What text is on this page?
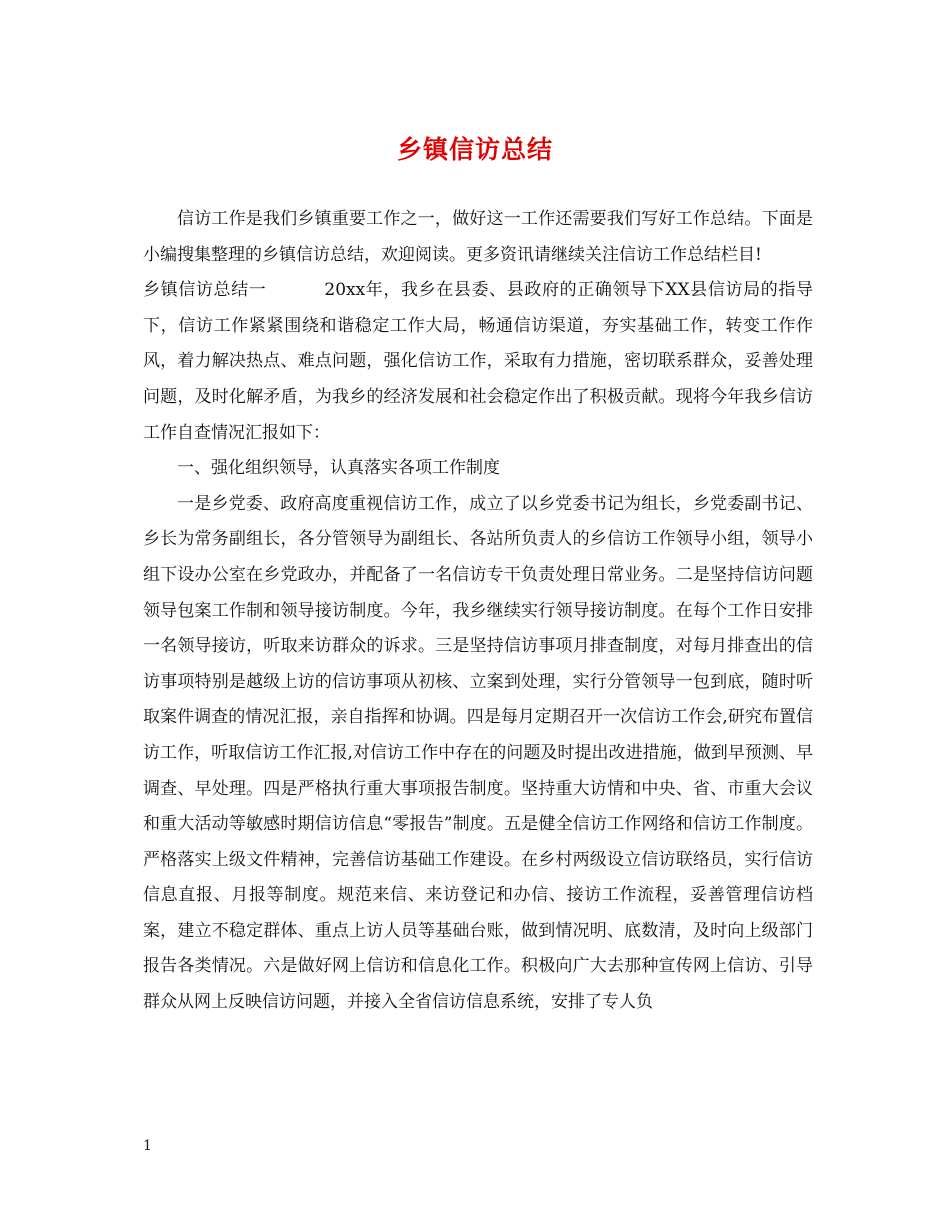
乡镇信访总结

信访工作是我们乡镇重要工作之一，做好这一工作还需要我们写好工作总结。下面是小编搜集整理的乡镇信访总结，欢迎阅读。更多资讯请继续关注信访工作总结栏目!

乡镇信访总结一	20xx年，我乡在县委、县政府的正确领导下XX县信访局的指导下，信访工作紧紧围绕和谐稳定工作大局，畅通信访渠道，夯实基础工作，转变工作作风，着力解决热点、难点问题，强化信访工作，采取有力措施，密切联系群众，妥善处理问题，及时化解矛盾，为我乡的经济发展和社会稳定作出了积极贡献。现将今年我乡信访工作自查情况汇报如下：

一、强化组织领导，认真落实各项工作制度

一是乡党委、政府高度重视信访工作，成立了以乡党委书记为组长，乡党委副书记、乡长为常务副组长，各分管领导为副组长、各站所负责人的乡信访工作领导小组，领导小组下设办公室在乡党政办，并配备了一名信访专干负责处理日常业务。二是坚持信访问题领导包案工作制和领导接访制度。今年，我乡继续实行领导接访制度。在每个工作日安排一名领导接访，听取来访群众的诉求。三是坚持信访事项月排查制度，对每月排查出的信访事项特别是越级上访的信访事项从初核、立案到处理，实行分管领导一包到底，随时听取案件调查的情况汇报，亲自指挥和协调。四是每月定期召开一次信访工作会,研究布置信访工作，听取信访工作汇报,对信访工作中存在的问题及时提出改进措施，做到早预测、早调查、早处理。四是严格执行重大事项报告制度。坚持重大访情和中央、省、市重大会议和重大活动等敏感时期信访信息“零报告”制度。五是健全信访工作网络和信访工作制度。严格落实上级文件精神，完善信访基础工作建设。在乡村两级设立信访联络员，实行信访信息直报、月报等制度。规范来信、来访登记和办信、接访工作流程，妥善管理信访档案，建立不稳定群体、重点上访人员等基础台账，做到情况明、底数清，及时向上级部门报告各类情况。六是做好网上信访和信息化工作。积极向广大去那种宣传网上信访、引导群众从网上反映信访问题，并接入全省信访信息系统，安排了专人负

1
